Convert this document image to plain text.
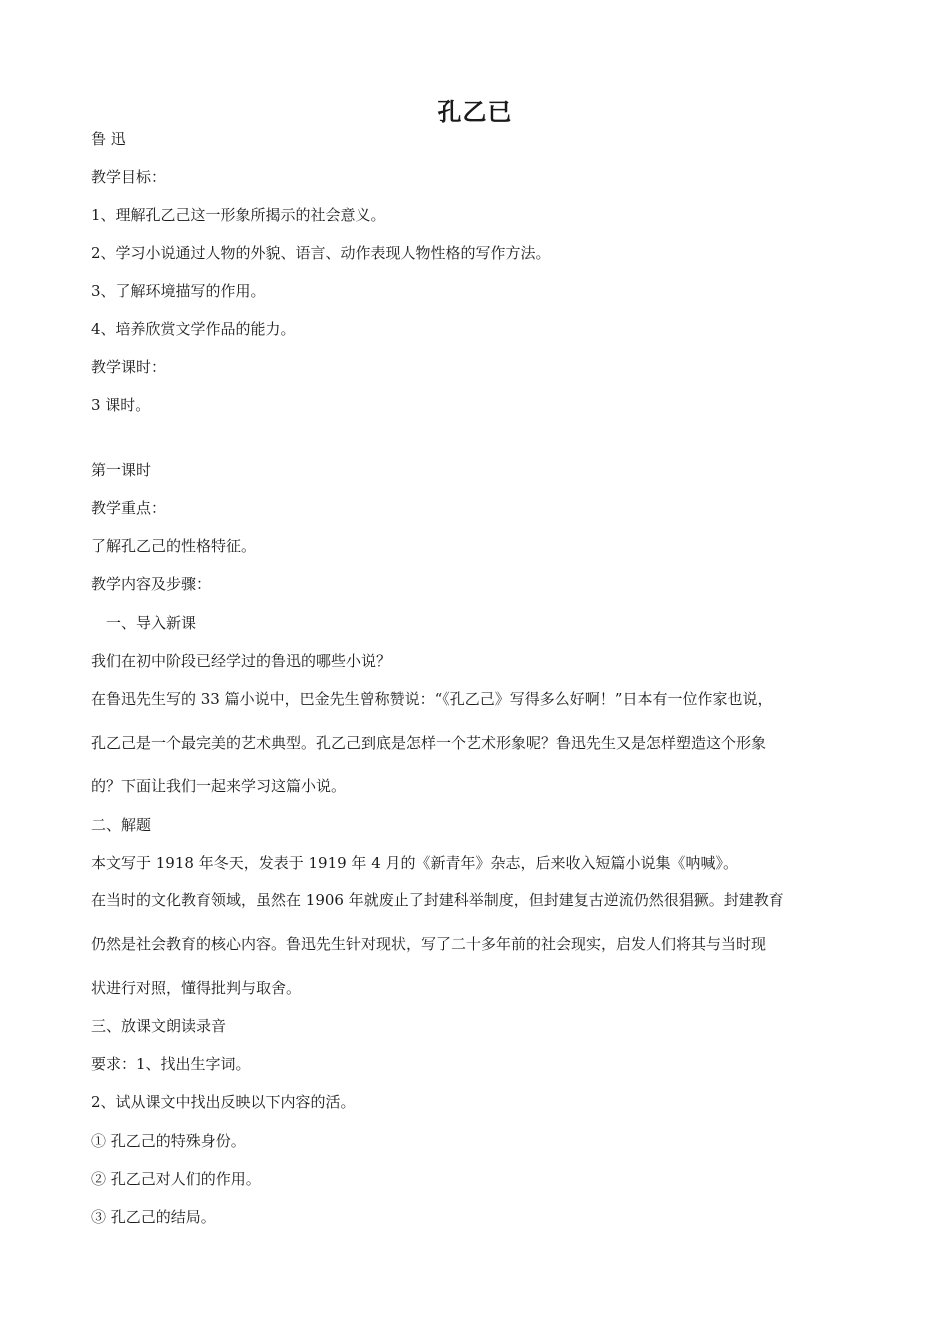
孔乙已
鲁 迅
教学目标：
1、理解孔乙己这一形象所揭示的社会意义。
2、学习小说通过人物的外貌、语言、动作表现人物性格的写作方法。
3、了解环境描写的作用。
4、培养欣赏文学作品的能力。
教学课时：
3 课时。
第一课时
教学重点：
了解孔乙己的性格特征。
教学内容及步骤：
一、导入新课
我们在初中阶段已经学过的鲁迅的哪些小说？
在鲁迅先生写的 33 篇小说中，巴金先生曾称赞说：“《孔乙己》写得多么好啊！”日本有一位作家也说，
孔乙己是一个最完美的艺术典型。孔乙己到底是怎样一个艺术形象呢？鲁迅先生又是怎样塑造这个形象
的？下面让我们一起来学习这篇小说。
二、解题
本文写于 1918 年冬天，发表于 1919 年 4 月的《新青年》杂志，后来收入短篇小说集《呐喊》。
在当时的文化教育领域，虽然在 1906 年就废止了封建科举制度，但封建复古逆流仍然很猖獗。封建教育
仍然是社会教育的核心内容。鲁迅先生针对现状，写了二十多年前的社会现实，启发人们将其与当时现
状进行对照，懂得批判与取舍。
三、放课文朗读录音
要求：1、找出生字词。
2、试从课文中找出反映以下内容的活。
① 孔乙己的特殊身份。
② 孔乙己对人们的作用。
③ 孔乙己的结局。
